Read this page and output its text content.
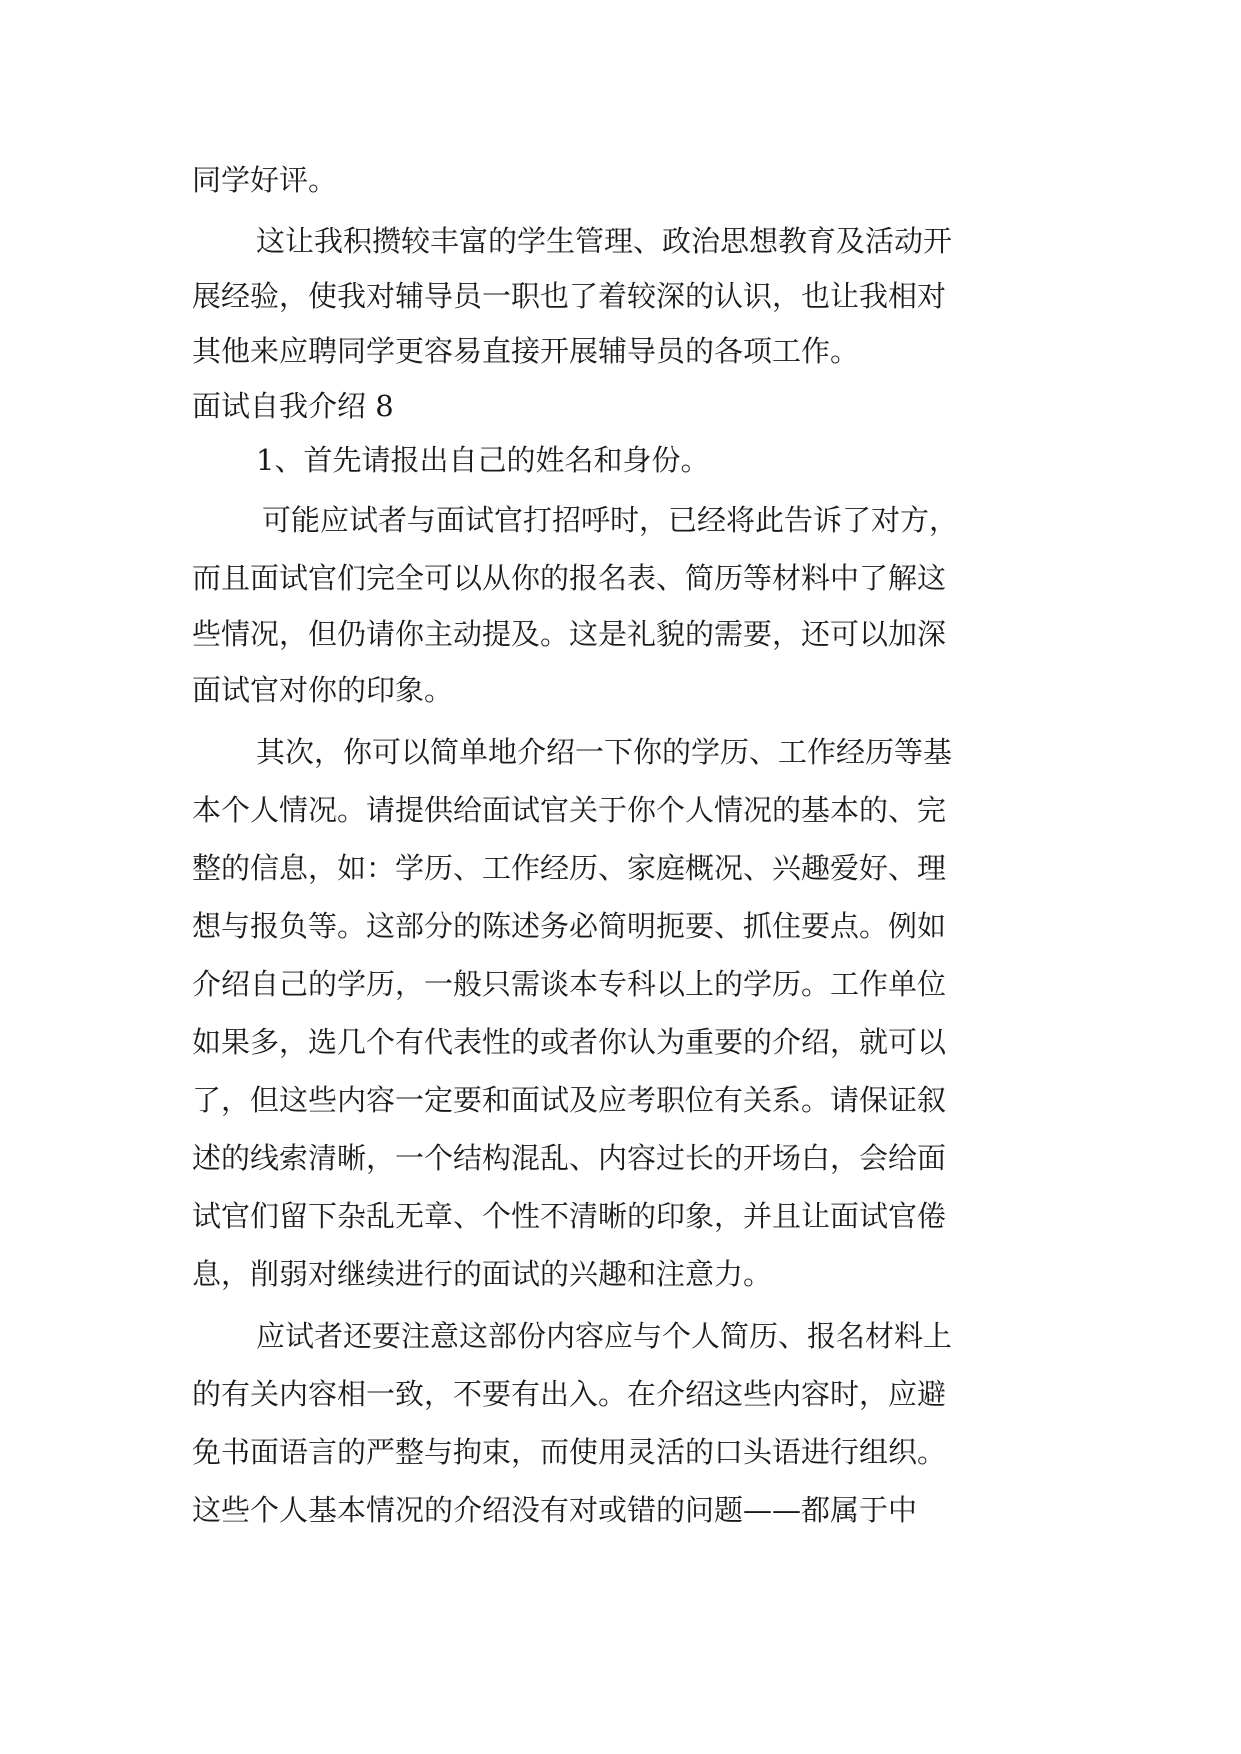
同学好评。
这让我积攒较丰富的学生管理、政治思想教育及活动开
展经验，使我对辅导员一职也了着较深的认识，也让我相对
其他来应聘同学更容易直接开展辅导员的各项工作。
面试自我介绍 8
1、首先请报出自己的姓名和身份。
可能应试者与面试官打招呼时，已经将此告诉了对方，
而且面试官们完全可以从你的报名表、简历等材料中了解这
些情况，但仍请你主动提及。这是礼貌的需要，还可以加深
面试官对你的印象。
其次，你可以简单地介绍一下你的学历、工作经历等基
本个人情况。请提供给面试官关于你个人情况的基本的、完
整的信息，如：学历、工作经历、家庭概况、兴趣爱好、理
想与报负等。这部分的陈述务必简明扼要、抓住要点。例如
介绍自己的学历，一般只需谈本专科以上的学历。工作单位
如果多，选几个有代表性的或者你认为重要的介绍，就可以
了，但这些内容一定要和面试及应考职位有关系。请保证叙
述的线索清晰，一个结构混乱、内容过长的开场白，会给面
试官们留下杂乱无章、个性不清晰的印象，并且让面试官倦
息，削弱对继续进行的面试的兴趣和注意力。
应试者还要注意这部份内容应与个人简历、报名材料上
的有关内容相一致，不要有出入。在介绍这些内容时，应避
免书面语言的严整与拘束，而使用灵活的口头语进行组织。
这些个人基本情况的介绍没有对或错的问题——都属于中
